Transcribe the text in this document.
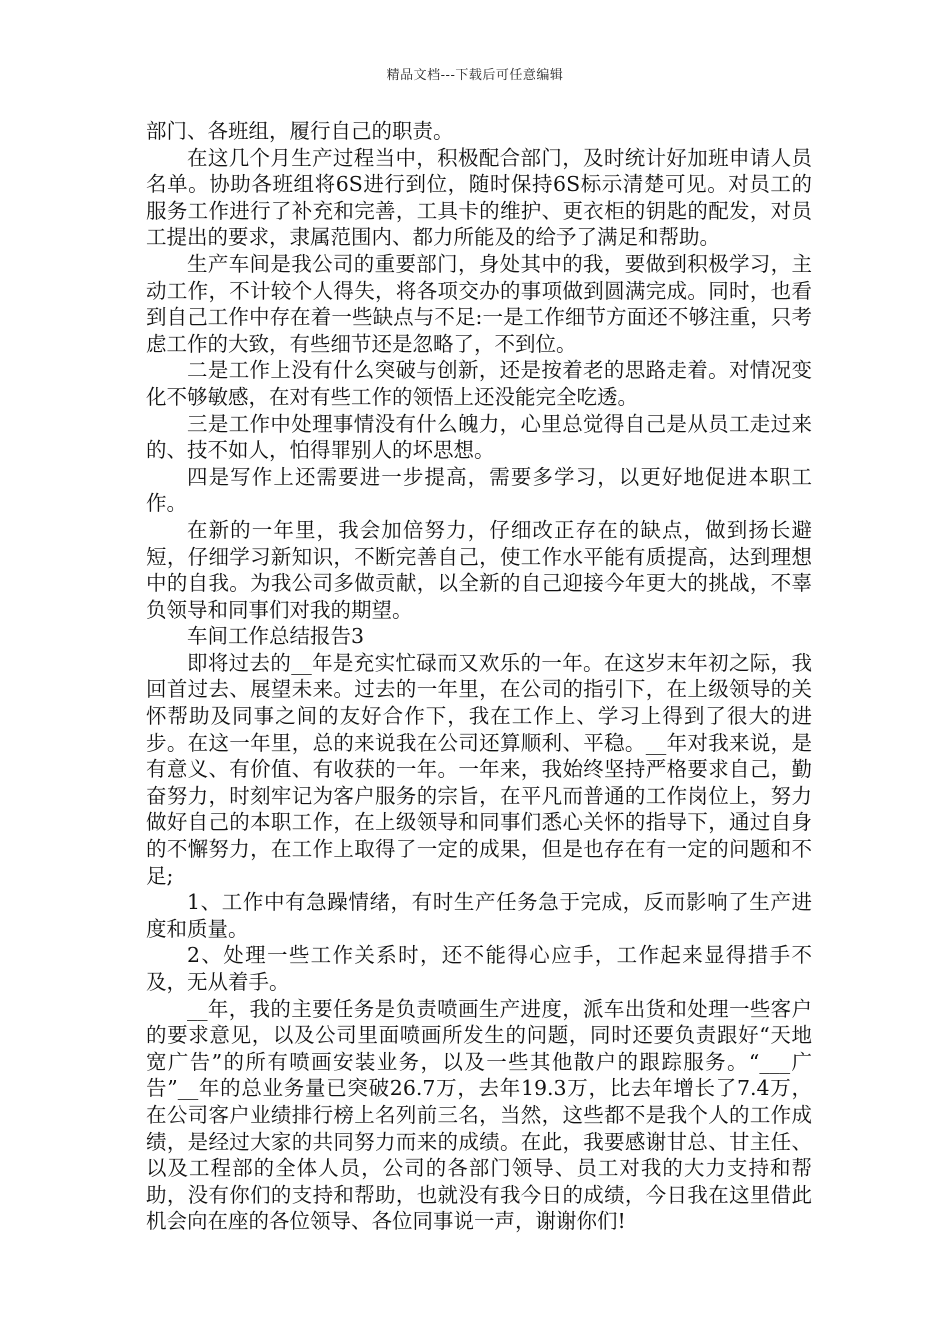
精品文档---下载后可任意编辑

部门、各班组，履行自己的职责。

在这几个月生产过程当中，积极配合部门，及时统计好加班申请人员名单。协助各班组将6S进行到位，随时保持6S标示清楚可见。对员工的服务工作进行了补充和完善，工具卡的维护、更衣柜的钥匙的配发，对员工提出的要求，隶属范围内、都力所能及的给予了满足和帮助。

生产车间是我公司的重要部门，身处其中的我，要做到积极学习，主动工作，不计较个人得失，将各项交办的事项做到圆满完成。同时，也看到自己工作中存在着一些缺点与不足:一是工作细节方面还不够注重，只考虑工作的大致，有些细节还是忽略了，不到位。

二是工作上没有什么突破与创新，还是按着老的思路走着。对情况变化不够敏感，在对有些工作的领悟上还没能完全吃透。

三是工作中处理事情没有什么魄力，心里总觉得自己是从员工走过来的、技不如人，怕得罪别人的坏思想。

四是写作上还需要进一步提高，需要多学习，以更好地促进本职工作。

在新的一年里，我会加倍努力，仔细改正存在的缺点，做到扬长避短，仔细学习新知识，不断完善自己，使工作水平能有质提高，达到理想中的自我。为我公司多做贡献，以全新的自己迎接今年更大的挑战，不辜负领导和同事们对我的期望。

车间工作总结报告3

即将过去的__年是充实忙碌而又欢乐的一年。在这岁末年初之际，我回首过去、展望未来。过去的一年里，在公司的指引下，在上级领导的关怀帮助及同事之间的友好合作下，我在工作上、学习上得到了很大的进步。在这一年里，总的来说我在公司还算顺利、平稳。__年对我来说，是有意义、有价值、有收获的一年。一年来，我始终坚持严格要求自己，勤奋努力，时刻牢记为客户服务的宗旨，在平凡而普通的工作岗位上，努力做好自己的本职工作，在上级领导和同事们悉心关怀的指导下，通过自身的不懈努力，在工作上取得了一定的成果，但是也存在有一定的问题和不足;

1、工作中有急躁情绪，有时生产任务急于完成，反而影响了生产进度和质量。

2、处理一些工作关系时，还不能得心应手，工作起来显得措手不及，无从着手。

__年，我的主要任务是负责喷画生产进度，派车出货和处理一些客户的要求意见，以及公司里面喷画所发生的问题，同时还要负责跟好“天地宽广告”的所有喷画安装业务，以及一些其他散户的跟踪服务。“___广告”__年的总业务量已突破26.7万，去年19.3万，比去年增长了7.4万，在公司客户业绩排行榜上名列前三名，当然，这些都不是我个人的工作成绩，是经过大家的共同努力而来的成绩。在此，我要感谢甘总、甘主任、以及工程部的全体人员，公司的各部门领导、员工对我的大力支持和帮助，没有你们的支持和帮助，也就没有我今日的成绩，今日我在这里借此机会向在座的各位领导、各位同事说一声，谢谢你们!
